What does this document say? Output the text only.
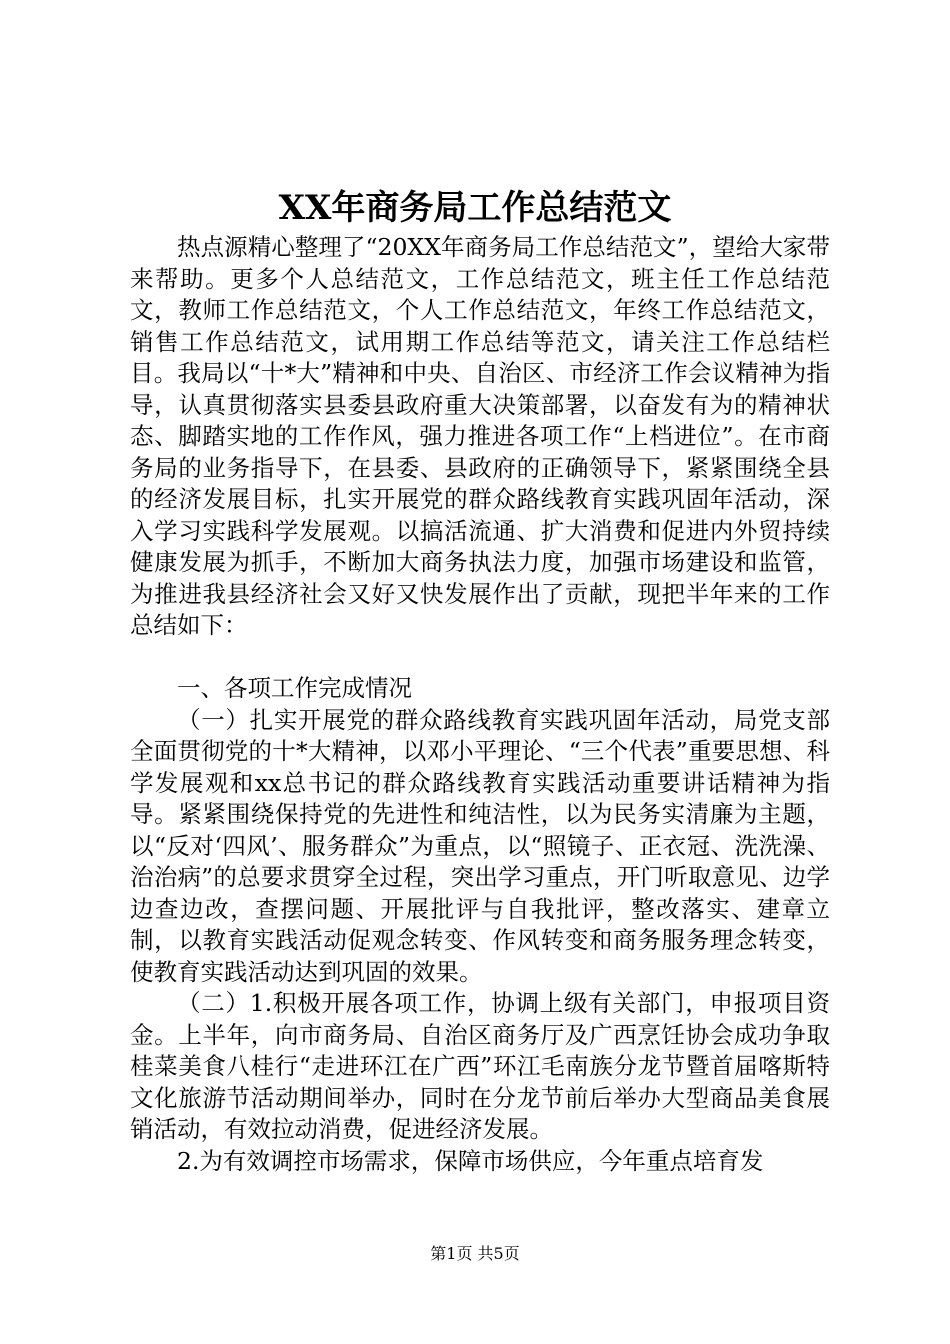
XX年商务局工作总结范文

热点源精心整理了“20XX年商务局工作总结范文”，望给大家带来帮助。更多个人总结范文，工作总结范文，班主任工作总结范文，教师工作总结范文，个人工作总结范文，年终工作总结范文，销售工作总结范文，试用期工作总结等范文，请关注工作总结栏目。我局以“十*大”精神和中央、自治区、市经济工作会议精神为指导，认真贯彻落实县委县政府重大决策部署，以奋发有为的精神状态、脚踏实地的工作作风，强力推进各项工作“上档进位”。在市商务局的业务指导下，在县委、县政府的正确领导下，紧紧围绕全县的经济发展目标，扎实开展党的群众路线教育实践巩固年活动，深入学习实践科学发展观。以搞活流通、扩大消费和促进内外贸持续健康发展为抓手，不断加大商务执法力度，加强市场建设和监管，为推进我县经济社会又好又快发展作出了贡献，现把半年来的工作总结如下：

一、各项工作完成情况

（一）扎实开展党的群众路线教育实践巩固年活动，局党支部全面贯彻党的十*大精神，以邓小平理论、“三个代表”重要思想、科学发展观和xx总书记的群众路线教育实践活动重要讲话精神为指导。紧紧围绕保持党的先进性和纯洁性，以为民务实清廉为主题，以“反对‘四风’、服务群众”为重点，以“照镜子、正衣冠、洗洗澡、治治病”的总要求贯穿全过程，突出学习重点，开门听取意见、边学边查边改，查摆问题、开展批评与自我批评，整改落实、建章立制，以教育实践活动促观念转变、作风转变和商务服务理念转变，使教育实践活动达到巩固的效果。

（二）1.积极开展各项工作，协调上级有关部门，申报项目资金。上半年，向市商务局、自治区商务厅及广西烹饪协会成功争取桂菜美食八桂行“走进环江在广西”环江毛南族分龙节暨首届喀斯特文化旅游节活动期间举办，同时在分龙节前后举办大型商品美食展销活动，有效拉动消费，促进经济发展。

2.为有效调控市场需求，保障市场供应，今年重点培育发

第1页 共5页
